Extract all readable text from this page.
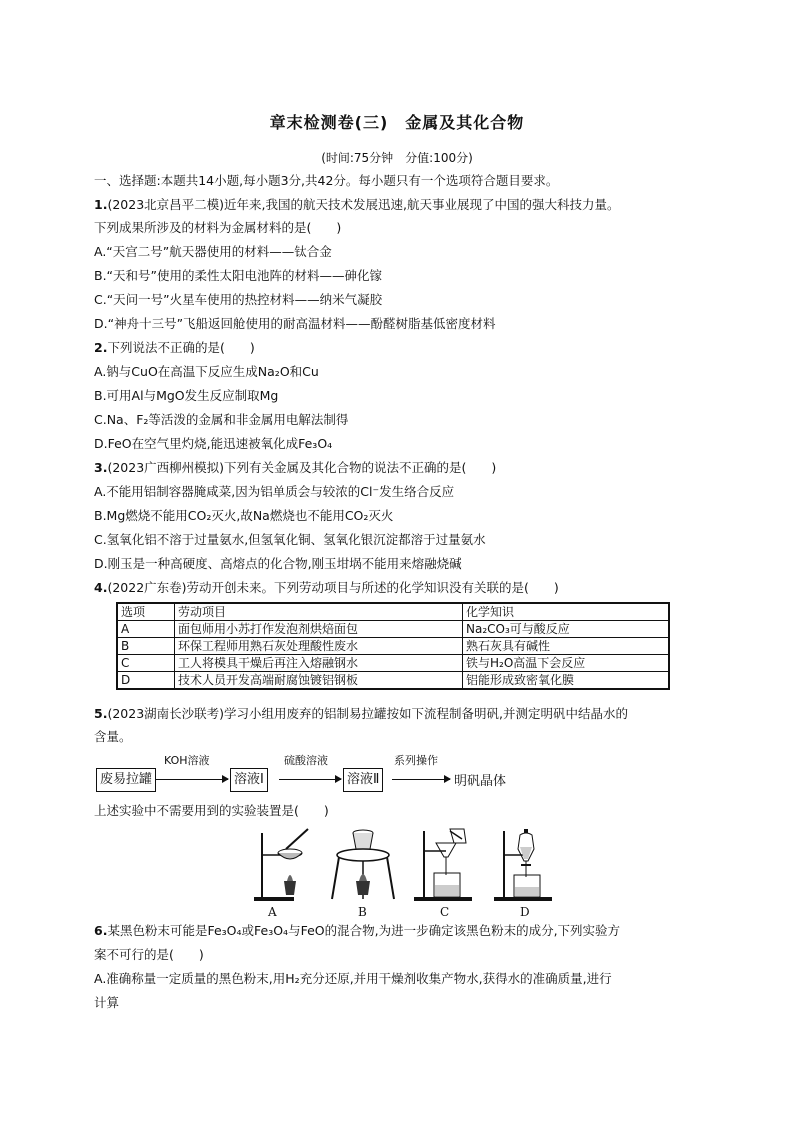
章末检测卷(三)　金属及其化合物
(时间:75分钟　分值:100分)
一、选择题:本题共14小题,每小题3分,共42分。每小题只有一个选项符合题目要求。
1.(2023北京昌平二模)近年来,我国的航天技术发展迅速,航天事业展现了中国的强大科技力量。
下列成果所涉及的材料为金属材料的是(　　)
A.“天宫二号”航天器使用的材料——钛合金
B.“天和号”使用的柔性太阳电池阵的材料——砷化镓
C.“天问一号”火星车使用的热控材料——纳米气凝胶
D.“神舟十三号”飞船返回舱使用的耐高温材料——酚醛树脂基低密度材料
2.下列说法不正确的是(　　)
A.钠与CuO在高温下反应生成Na₂O和Cu
B.可用Al与MgO发生反应制取Mg
C.Na、F₂等活泼的金属和非金属用电解法制得
D.FeO在空气里灼烧,能迅速被氧化成Fe₃O₄
3.(2023广西柳州模拟)下列有关金属及其化合物的说法不正确的是(　　)
A.不能用铝制容器腌咸菜,因为铝单质会与较浓的Cl⁻发生络合反应
B.Mg燃烧不能用CO₂灭火,故Na燃烧也不能用CO₂灭火
C.氢氧化铝不溶于过量氨水,但氢氧化铜、氢氧化银沉淀都溶于过量氨水
D.刚玉是一种高硬度、高熔点的化合物,刚玉坩埚不能用来熔融烧碱
4.(2022广东卷)劳动开创未来。下列劳动项目与所述的化学知识没有关联的是(　　)
选项	劳动项目	化学知识
A	面包师用小苏打作发泡剂烘焙面包	Na₂CO₃可与酸反应
B	环保工程师用熟石灰处理酸性废水	熟石灰具有碱性
C	工人将模具干燥后再注入熔融钢水	铁与H₂O高温下会反应
D	技术人员开发高端耐腐蚀镀铝钢板	铝能形成致密氧化膜
5.(2023湖南长沙联考)学习小组用废弃的铝制易拉罐按如下流程制备明矾,并测定明矾中结晶水的
含量。
废易拉罐
KOH溶液
溶液Ⅰ
硫酸溶液
溶液Ⅱ
系列操作
明矾晶体
上述实验中不需要用到的实验装置是(　　)
A	B	C	D
6.某黑色粉末可能是Fe₃O₄或Fe₃O₄与FeO的混合物,为进一步确定该黑色粉末的成分,下列实验方
案不可行的是(　　)
A.准确称量一定质量的黑色粉末,用H₂充分还原,并用干燥剂收集产物水,获得水的准确质量,进行
计算
